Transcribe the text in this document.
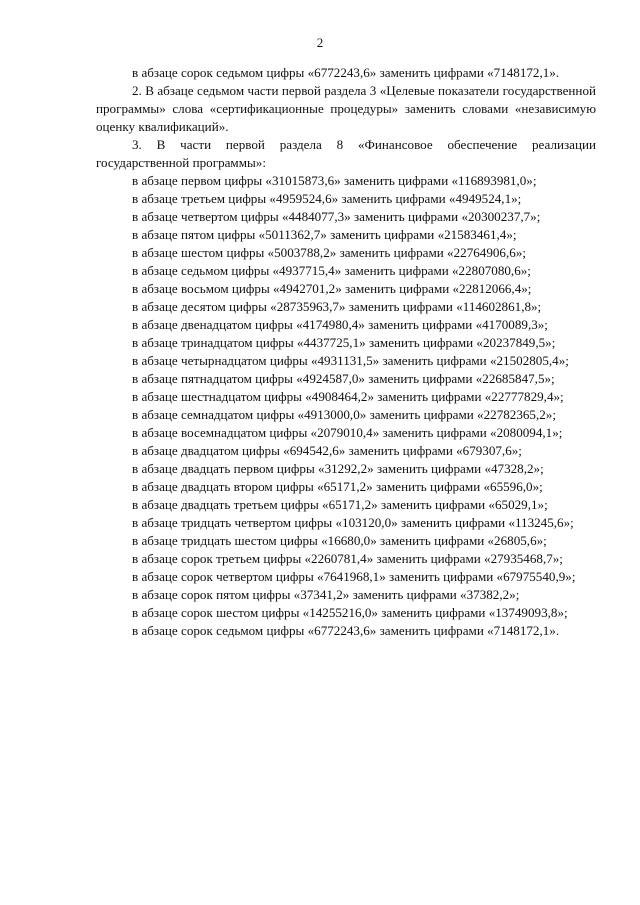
2

в абзаце сорок седьмом цифры «6772243,6» заменить цифрами «7148172,1».

2. В абзаце седьмом части первой раздела 3 «Целевые показатели государственной программы» слова «сертификационные процедуры» заменить словами «независимую оценку квалификаций».

3. В части первой раздела 8 «Финансовое обеспечение реализации государственной программы»:

в абзаце первом цифры «31015873,6» заменить цифрами «116893981,0»;

в абзаце третьем цифры «4959524,6» заменить цифрами «4949524,1»;

в абзаце четвертом цифры «4484077,3» заменить цифрами «20300237,7»;

в абзаце пятом цифры «5011362,7» заменить цифрами «21583461,4»;

в абзаце шестом цифры «5003788,2» заменить цифрами «22764906,6»;

в абзаце седьмом цифры «4937715,4» заменить цифрами «22807080,6»;

в абзаце восьмом цифры «4942701,2» заменить цифрами «22812066,4»;

в абзаце десятом цифры «28735963,7» заменить цифрами «114602861,8»;

в абзаце двенадцатом цифры «4174980,4» заменить цифрами «4170089,3»;

в абзаце тринадцатом цифры «4437725,1» заменить цифрами «20237849,5»;

в абзаце четырнадцатом цифры «4931131,5» заменить цифрами «21502805,4»;

в абзаце пятнадцатом цифры «4924587,0» заменить цифрами «22685847,5»;

в абзаце шестнадцатом цифры «4908464,2» заменить цифрами «22777829,4»;

в абзаце семнадцатом цифры «4913000,0» заменить цифрами «22782365,2»;

в абзаце восемнадцатом цифры «2079010,4» заменить цифрами «2080094,1»;

в абзаце двадцатом цифры «694542,6» заменить цифрами «679307,6»;

в абзаце двадцать первом цифры «31292,2» заменить цифрами «47328,2»;

в абзаце двадцать втором цифры «65171,2» заменить цифрами «65596,0»;

в абзаце двадцать третьем цифры «65171,2» заменить цифрами «65029,1»;

в абзаце тридцать четвертом цифры «103120,0» заменить цифрами «113245,6»;

в абзаце тридцать шестом цифры «16680,0» заменить цифрами «26805,6»;

в абзаце сорок третьем цифры «2260781,4» заменить цифрами «27935468,7»;

в абзаце сорок четвертом цифры «7641968,1» заменить цифрами «67975540,9»;

в абзаце сорок пятом цифры «37341,2» заменить цифрами «37382,2»;

в абзаце сорок шестом цифры «14255216,0» заменить цифрами «13749093,8»;

в абзаце сорок седьмом цифры «6772243,6» заменить цифрами «7148172,1».
